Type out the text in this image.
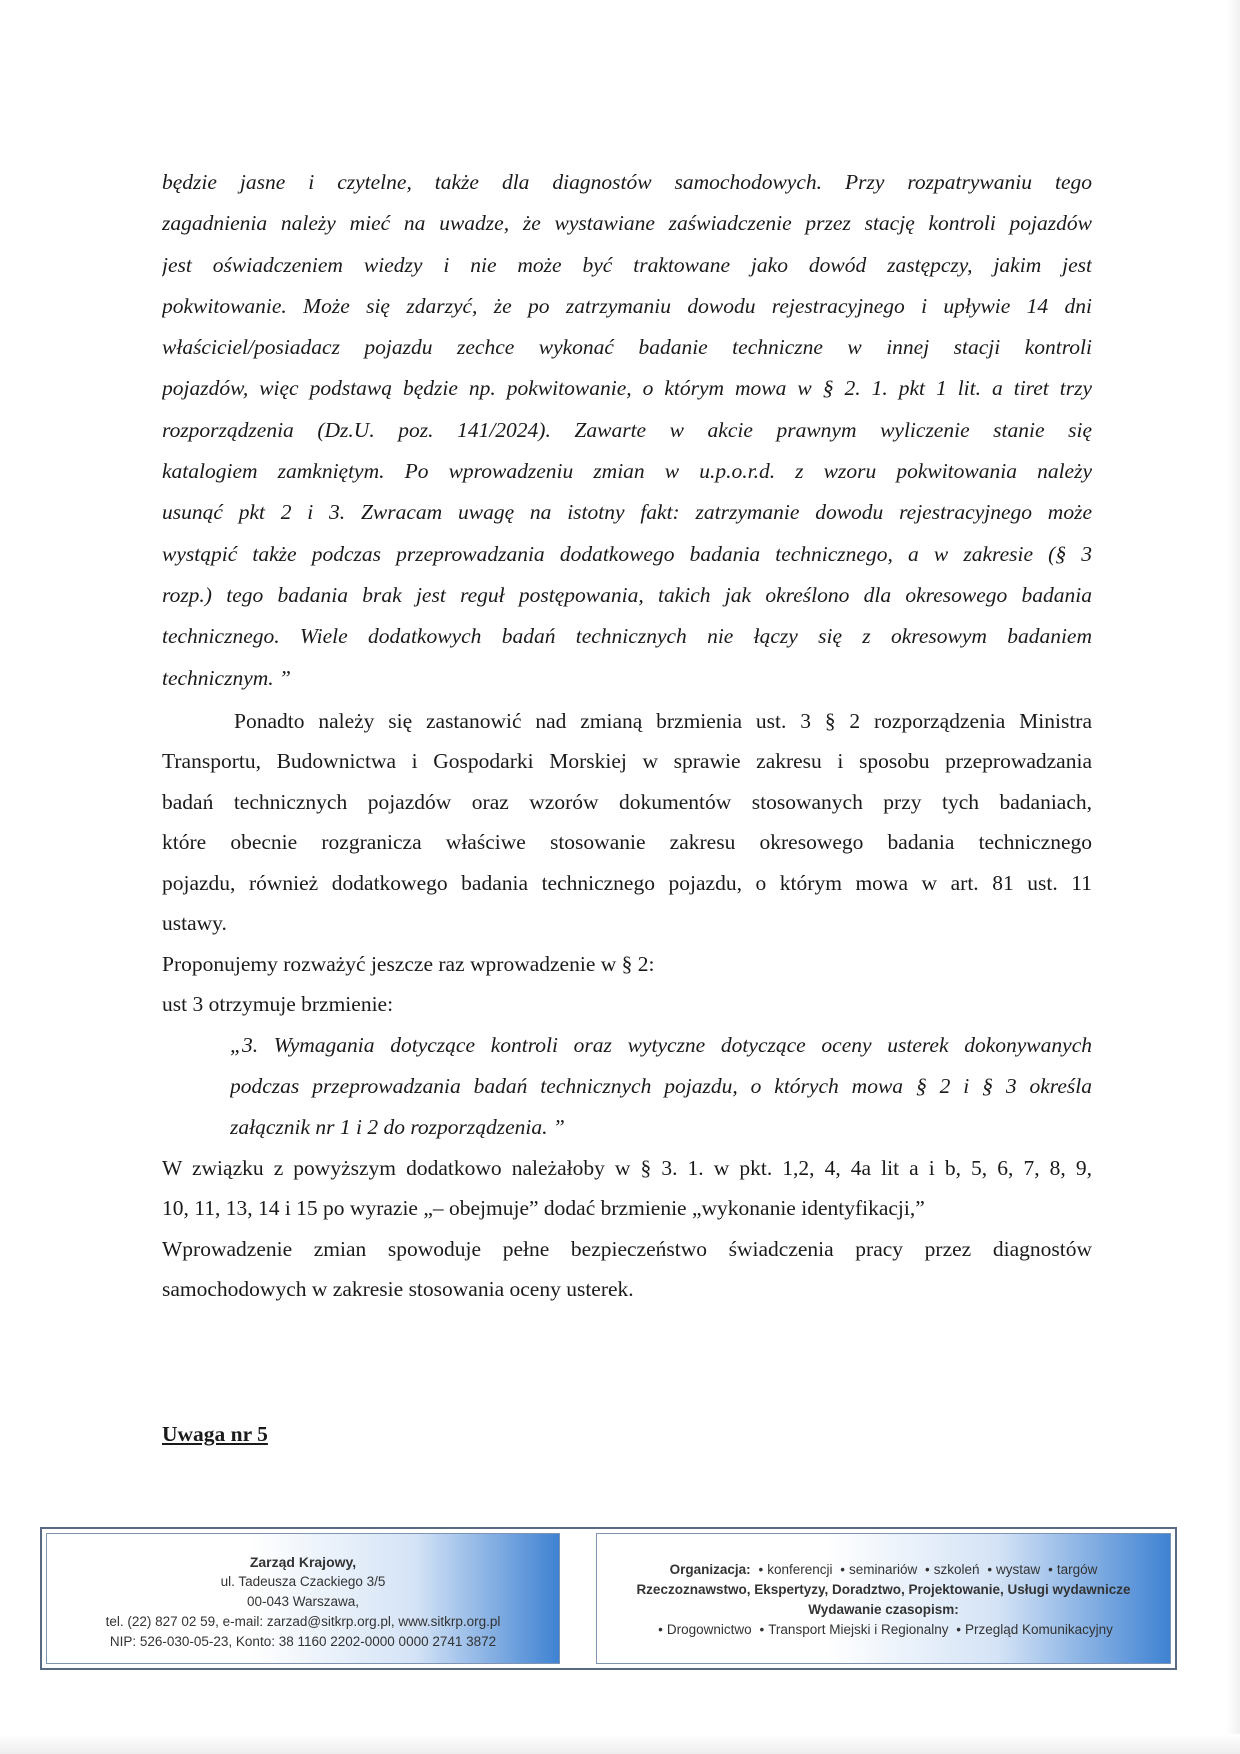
będzie jasne i czytelne, także dla diagnostów samochodowych. Przy rozpatrywaniu tego
zagadnienia należy mieć na uwadze, że wystawiane zaświadczenie przez stację kontroli pojazdów
jest oświadczeniem wiedzy i nie może być traktowane jako dowód zastępczy, jakim jest
pokwitowanie. Może się zdarzyć, że po zatrzymaniu dowodu rejestracyjnego i upływie 14 dni
właściciel/posiadacz pojazdu zechce wykonać badanie techniczne w innej stacji kontroli
pojazdów, więc podstawą będzie np. pokwitowanie, o którym mowa w § 2. 1. pkt 1 lit. a tiret trzy
rozporządzenia (Dz.U. poz. 141/2024). Zawarte w akcie prawnym wyliczenie stanie się
katalogiem zamkniętym. Po wprowadzeniu zmian w u.p.o.r.d. z wzoru pokwitowania należy
usunąć pkt 2 i 3. Zwracam uwagę na istotny fakt: zatrzymanie dowodu rejestracyjnego może
wystąpić także podczas przeprowadzania dodatkowego badania technicznego, a w zakresie (§ 3
rozp.) tego badania brak jest reguł postępowania, takich jak określono dla okresowego badania
technicznego. Wiele dodatkowych badań technicznych nie łączy się z okresowym badaniem
technicznym. ”

Ponadto należy się zastanowić nad zmianą brzmienia ust. 3 § 2 rozporządzenia Ministra
Transportu, Budownictwa i Gospodarki Morskiej w sprawie zakresu i sposobu przeprowadzania
badań technicznych pojazdów oraz wzorów dokumentów stosowanych przy tych badaniach,
które obecnie rozgranicza właściwe stosowanie zakresu okresowego badania technicznego
pojazdu, również dodatkowego badania technicznego pojazdu, o którym mowa w art. 81 ust. 11
ustawy.

Proponujemy rozważyć jeszcze raz wprowadzenie w § 2:
ust 3 otrzymuje brzmienie:

„3. Wymagania dotyczące kontroli oraz wytyczne dotyczące oceny usterek dokonywanych
podczas przeprowadzania badań technicznych pojazdu, o których mowa § 2 i § 3 określa
załącznik nr 1 i 2 do rozporządzenia. ”

W związku z powyższym dodatkowo należałoby w § 3. 1. w pkt. 1,2, 4, 4a lit a i b, 5, 6, 7, 8, 9,
10, 11, 13, 14 i 15 po wyrazie „– obejmuje” dodać brzmienie „wykonanie identyfikacji,”

Wprowadzenie zmian spowoduje pełne bezpieczeństwo świadczenia pracy przez diagnostów
samochodowych w zakresie stosowania oceny usterek.

Uwaga nr 5

Zarząd Krajowy,
ul. Tadeusza Czackiego 3/5
00-043 Warszawa,
tel. (22) 827 02 59, e-mail: zarzad@sitkrp.org.pl, www.sitkrp.org.pl
NIP: 526-030-05-23, Konto: 38 1160 2202-0000 0000 2741 3872
Organizacja: • konferencji • seminariów • szkoleń • wystaw • targów
Rzeczoznawstwo, Ekspertyzy, Doradztwo, Projektowanie, Usługi wydawnicze
Wydawanie czasopism:
• Drogownictwo • Transport Miejski i Regionalny • Przegląd Komunikacyjny
